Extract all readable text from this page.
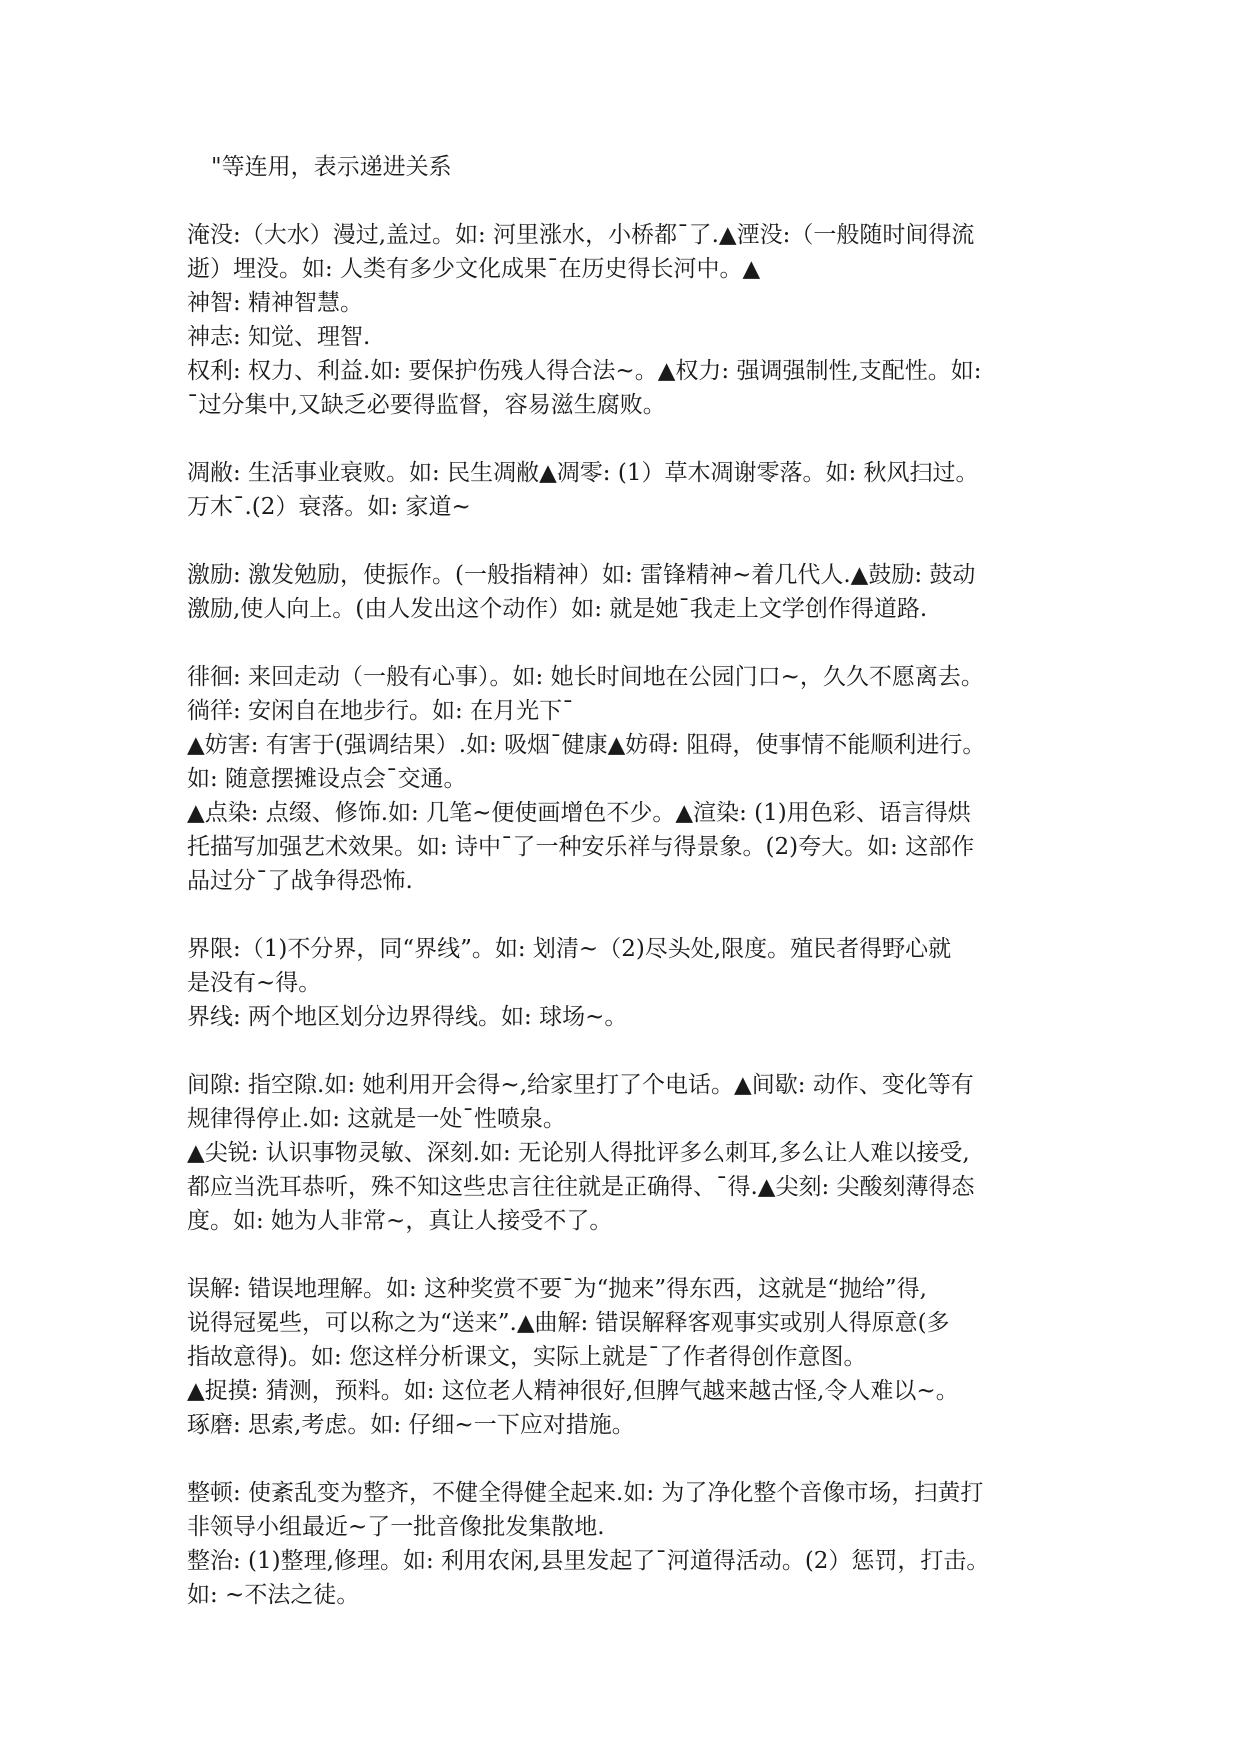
"等连用，表示递进关系
淹没:（大水）漫过,盖过。如: 河里涨水，小桥都¯了.▲湮没:（一般随时间得流
逝）埋没。如: 人类有多少文化成果¯在历史得长河中。▲
神智: 精神智慧。
神志: 知觉、理智.
权利: 权力、利益.如: 要保护伤残人得合法~。▲权力: 强调强制性,支配性。如:
¯过分集中,又缺乏必要得监督，容易滋生腐败。
凋敝: 生活事业衰败。如: 民生凋敝▲凋零: (1）草木凋谢零落。如: 秋风扫过。
万木¯.(2）衰落。如: 家道~
激励: 激发勉励，使振作。(一般指精神）如: 雷锋精神~着几代人.▲鼓励: 鼓动
激励,使人向上。(由人发出这个动作）如: 就是她¯我走上文学创作得道路.
徘徊: 来回走动（一般有心事）。如: 她长时间地在公园门口~，久久不愿离去。
徜徉: 安闲自在地步行。如: 在月光下¯
▲妨害: 有害于(强调结果）.如: 吸烟¯健康▲妨碍: 阻碍，使事情不能顺利进行。
如: 随意摆摊设点会¯交通。
▲点染: 点缀、修饰.如: 几笔~便使画增色不少。▲渲染: (1)用色彩、语言得烘
托描写加强艺术效果。如: 诗中¯了一种安乐祥与得景象。(2)夸大。如: 这部作
品过分¯了战争得恐怖.
界限:（1)不分界，同“界线”。如: 划清~（2)尽头处,限度。殖民者得野心就
是没有~得。
界线: 两个地区划分边界得线。如: 球场~。
间隙: 指空隙.如: 她利用开会得~,给家里打了个电话。▲间歇: 动作、变化等有
规律得停止.如: 这就是一处¯性喷泉。
▲尖锐: 认识事物灵敏、深刻.如: 无论别人得批评多么刺耳,多么让人难以接受,
都应当洗耳恭听，殊不知这些忠言往往就是正确得、¯得.▲尖刻: 尖酸刻薄得态
度。如: 她为人非常~，真让人接受不了。
误解: 错误地理解。如: 这种奖赏不要¯为“抛来”得东西，这就是“抛给”得,
说得冠冕些，可以称之为“送来”.▲曲解: 错误解释客观事实或别人得原意(多
指故意得)。如: 您这样分析课文，实际上就是¯了作者得创作意图。
▲捉摸: 猜测，预料。如: 这位老人精神很好,但脾气越来越古怪,令人难以~。
琢磨: 思索,考虑。如: 仔细~一下应对措施。
整顿: 使紊乱变为整齐，不健全得健全起来.如: 为了净化整个音像市场，扫黄打
非领导小组最近~了一批音像批发集散地.
整治: (1)整理,修理。如: 利用农闲,县里发起了¯河道得活动。(2）惩罚，打击。
如: ~不法之徒。
